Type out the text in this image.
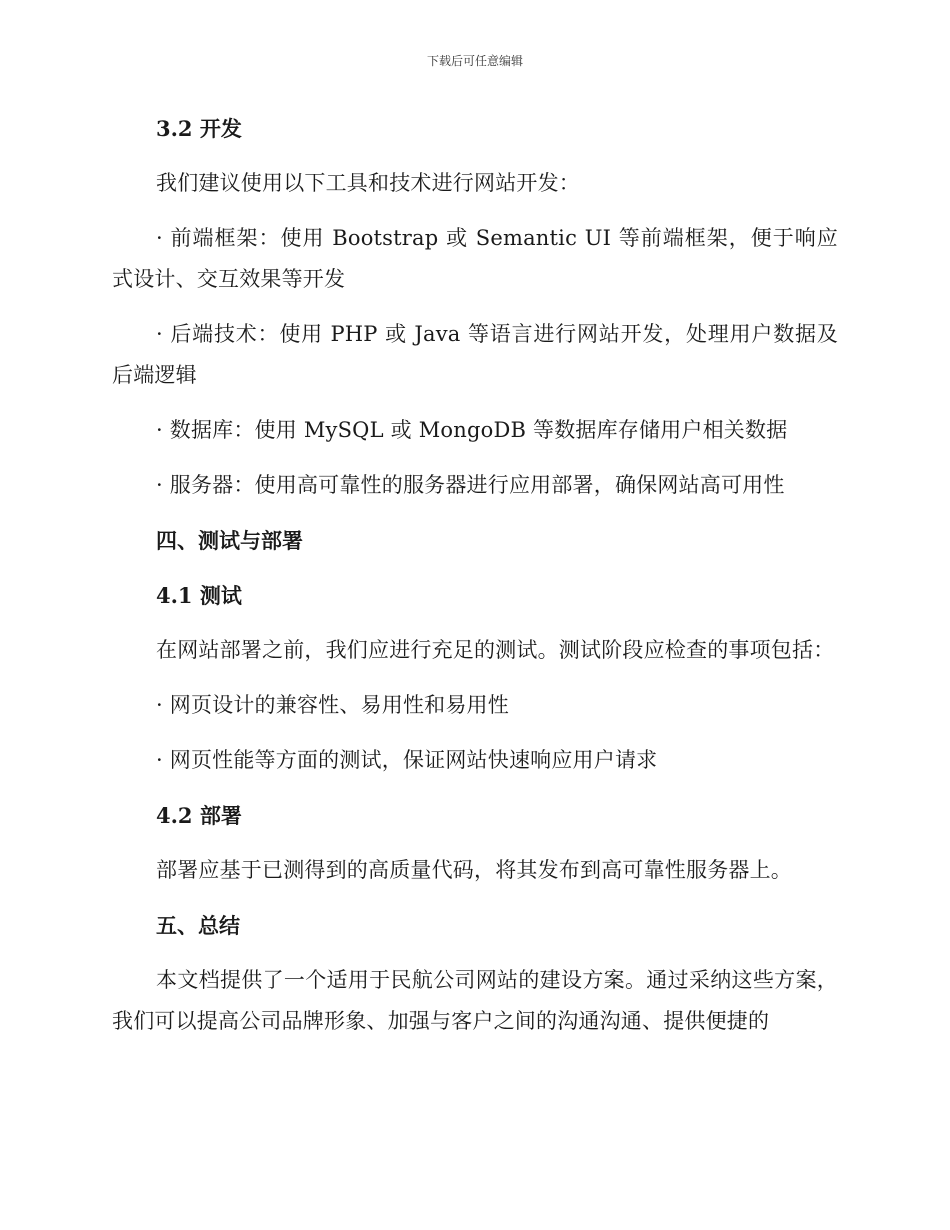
下载后可任意编辑
3.2 开发
我们建议使用以下工具和技术进行网站开发：
· 前端框架：使用 Bootstrap 或 Semantic UI 等前端框架，便于响应式设计、交互效果等开发
· 后端技术：使用 PHP 或 Java 等语言进行网站开发，处理用户数据及后端逻辑
· 数据库：使用 MySQL 或 MongoDB 等数据库存储用户相关数据
· 服务器：使用高可靠性的服务器进行应用部署，确保网站高可用性
四、测试与部署
4.1 测试
在网站部署之前，我们应进行充足的测试。测试阶段应检查的事项包括：
· 网页设计的兼容性、易用性和易用性
· 网页性能等方面的测试，保证网站快速响应用户请求
4.2 部署
部署应基于已测得到的高质量代码，将其发布到高可靠性服务器上。
五、总结
本文档提供了一个适用于民航公司网站的建设方案。通过采纳这些方案，我们可以提高公司品牌形象、加强与客户之间的沟通沟通、提供便捷的
